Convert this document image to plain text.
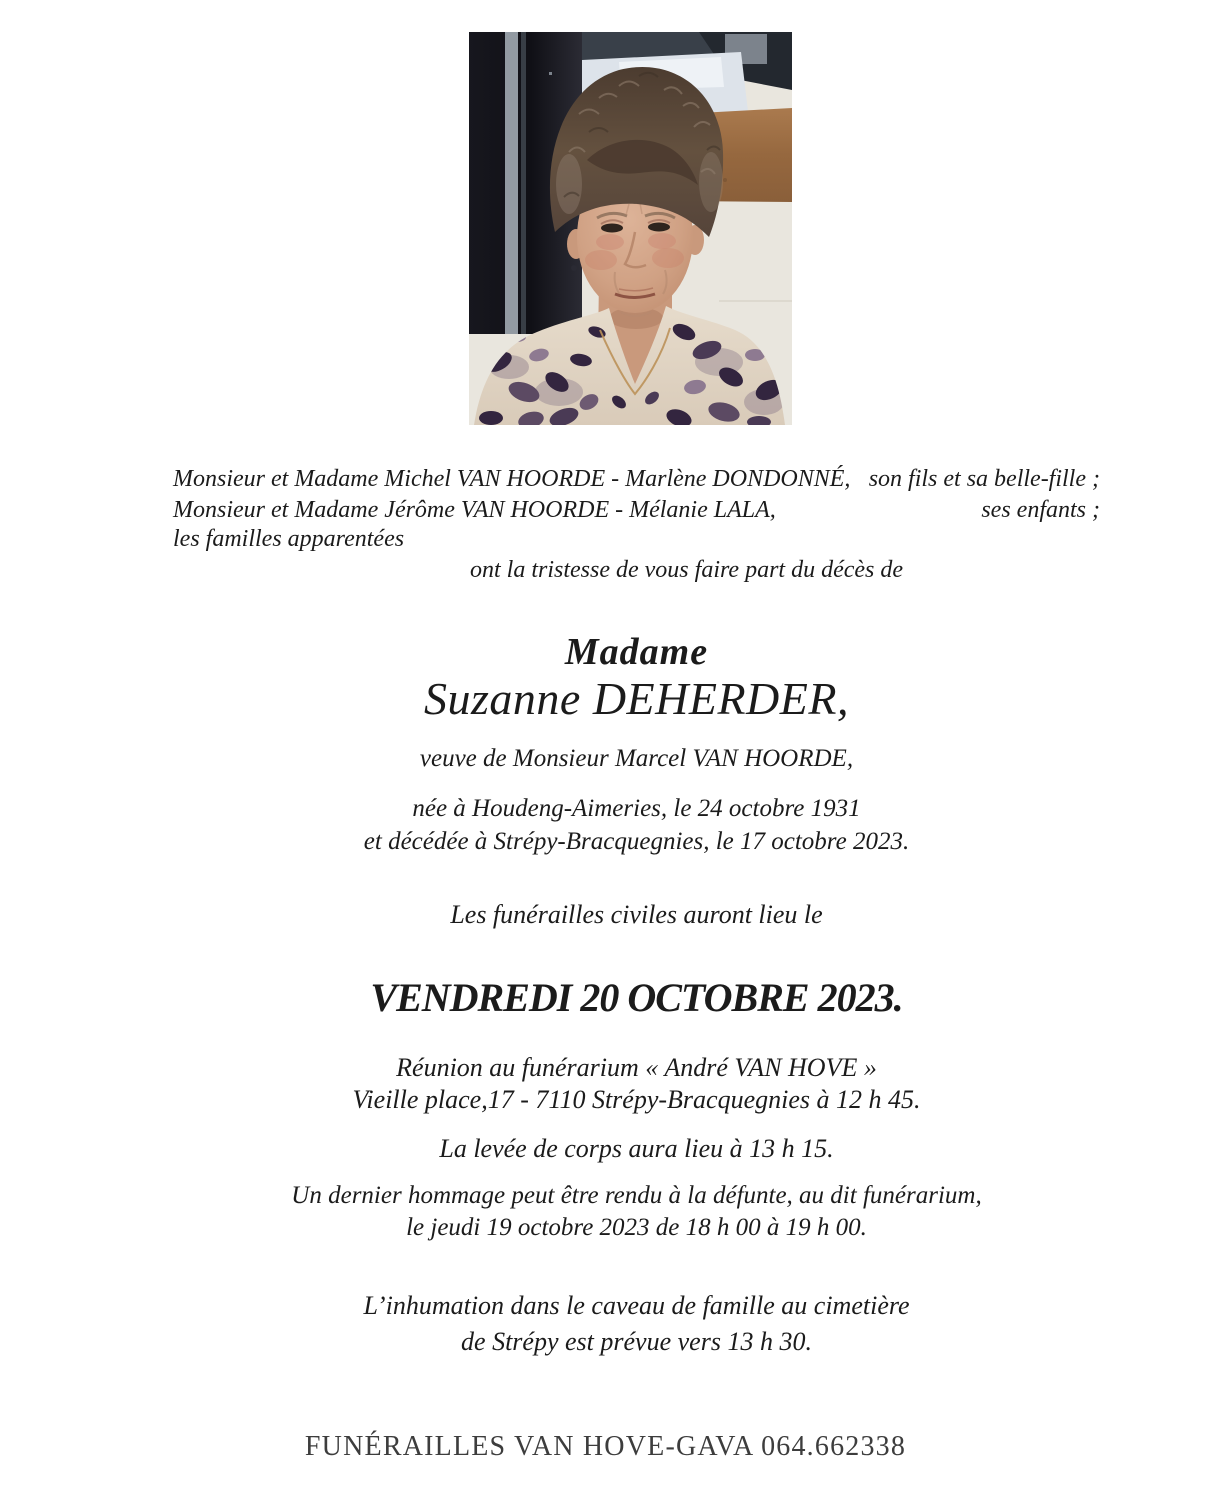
Monsieur et Madame Michel VAN HOORDE - Marlène DONDONNÉ, son fils et sa belle-fille ;
Monsieur et Madame Jérôme VAN HOORDE - Mélanie LALA,	ses enfants ;
les familles apparentées
ont la tristesse de vous faire part du décès de
Madame
Suzanne DEHERDER,
veuve de Monsieur Marcel VAN HOORDE,
née à Houdeng-Aimeries, le 24 octobre 1931
et décédée à Strépy-Bracquegnies, le 17 octobre 2023.
Les funérailles civiles auront lieu le
VENDREDI 20 OCTOBRE 2023.
Réunion au funérarium « André VAN HOVE »
Vieille place,17 - 7110 Strépy-Bracquegnies à 12 h 45.
La levée de corps aura lieu à 13 h 15.
Un dernier hommage peut être rendu à la défunte, au dit funérarium,
le jeudi 19 octobre 2023 de 18 h 00 à 19 h 00.
L’inhumation dans le caveau de famille au cimetière
de Strépy est prévue vers 13 h 30.
FUNÉRAILLES VAN HOVE-GAVA 064.662338
